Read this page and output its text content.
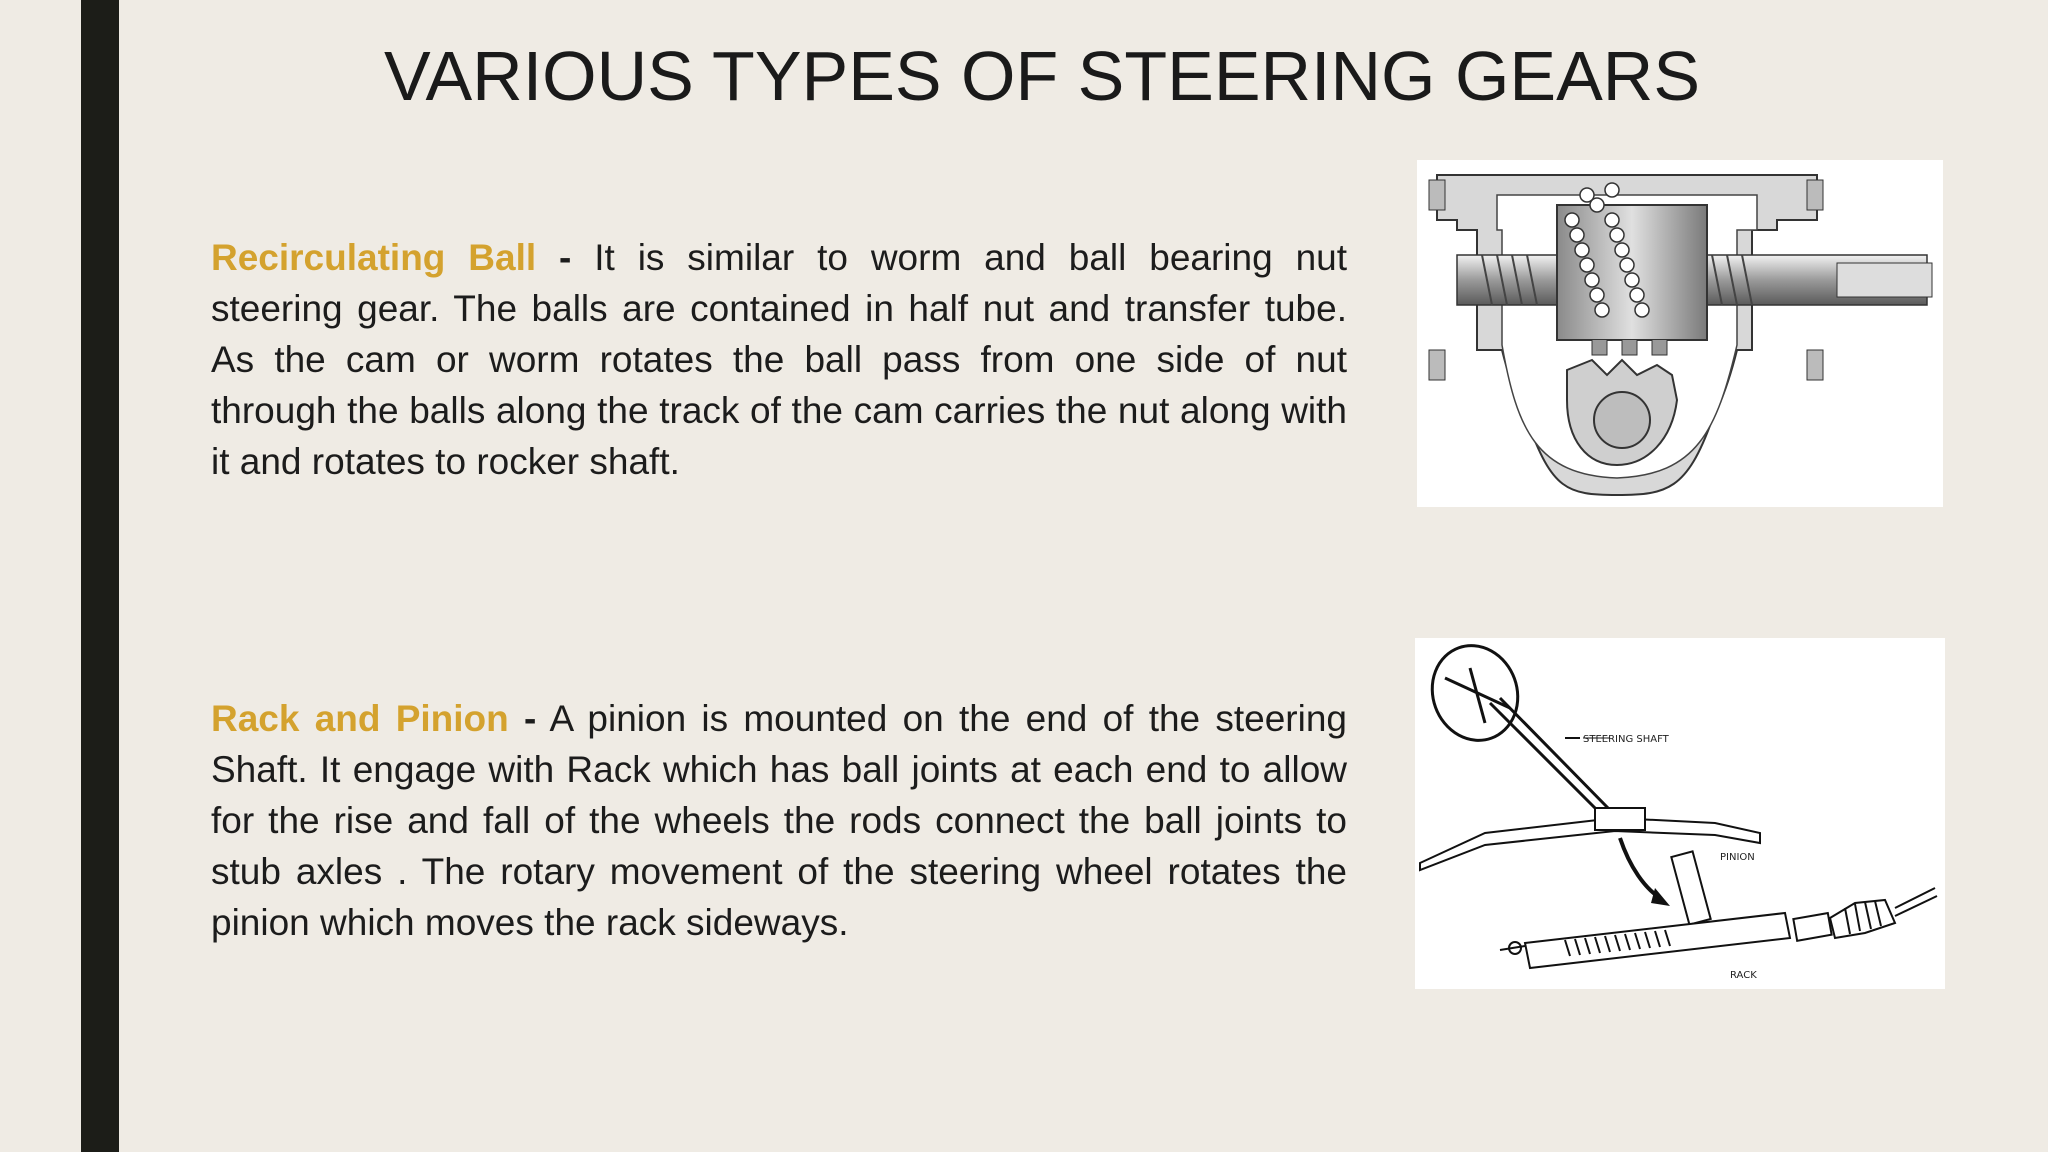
VARIOUS TYPES OF STEERING GEARS
Recirculating Ball - It is similar to worm and ball bearing nut steering gear. The balls are contained in half nut and transfer tube. As the cam or worm rotates the ball pass from one side of nut through the balls along the track of the cam carries the nut along with it and rotates to rocker shaft.
Rack and Pinion - A pinion is mounted on the end of the steering Shaft. It engage with Rack which has ball joints at each end to allow for the rise and fall of the wheels the rods connect the ball joints to stub axles . The rotary movement of the steering wheel rotates the pinion which moves the rack sideways.
STEERING SHAFT
PINION
RACK
